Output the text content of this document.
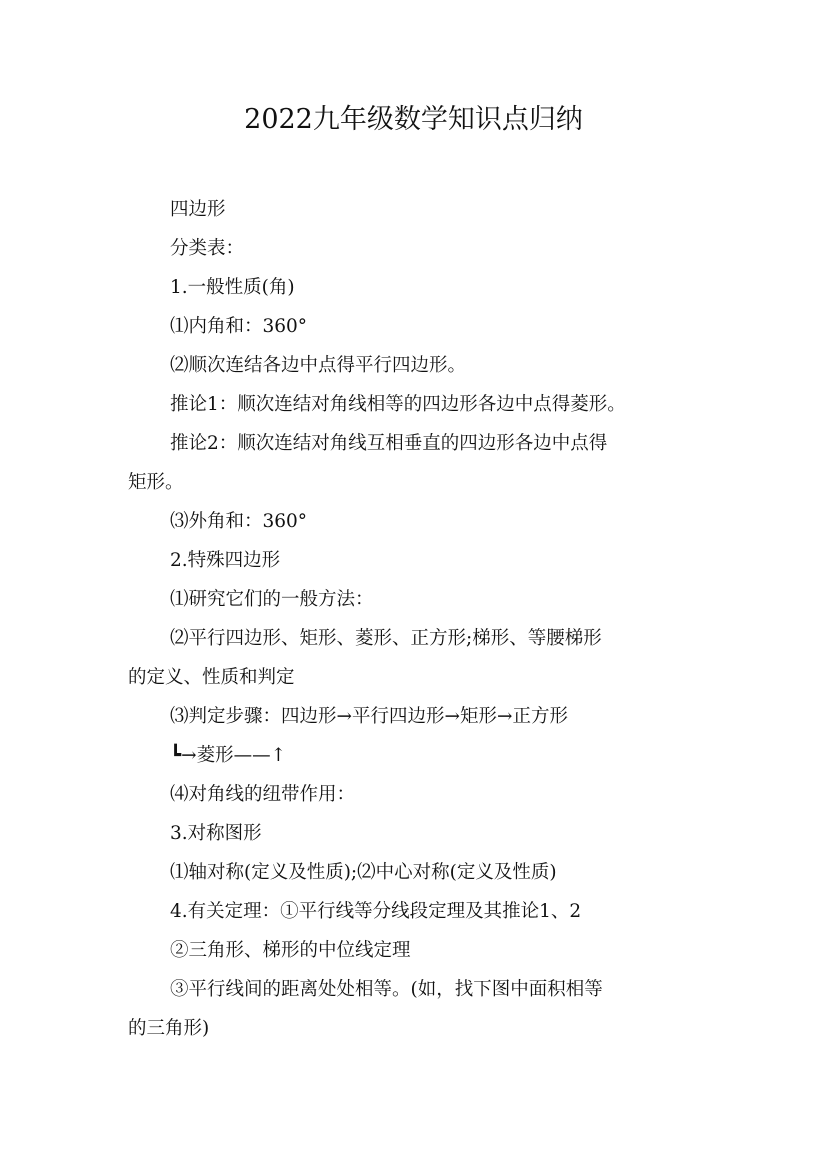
2022九年级数学知识点归纳

四边形

分类表：

1.一般性质(角)

⑴内角和：360°

⑵顺次连结各边中点得平行四边形。

推论1：顺次连结对角线相等的四边形各边中点得菱形。

推论2：顺次连结对角线互相垂直的四边形各边中点得

矩形。

⑶外角和：360°

2.特殊四边形

⑴研究它们的一般方法：

⑵平行四边形、矩形、菱形、正方形;梯形、等腰梯形

的定义、性质和判定

⑶判定步骤：四边形→平行四边形→矩形→正方形

┗→菱形——↑

⑷对角线的纽带作用：

3.对称图形

⑴轴对称(定义及性质);⑵中心对称(定义及性质)

4.有关定理：①平行线等分线段定理及其推论1、2

②三角形、梯形的中位线定理

③平行线间的距离处处相等。(如，找下图中面积相等

的三角形)
